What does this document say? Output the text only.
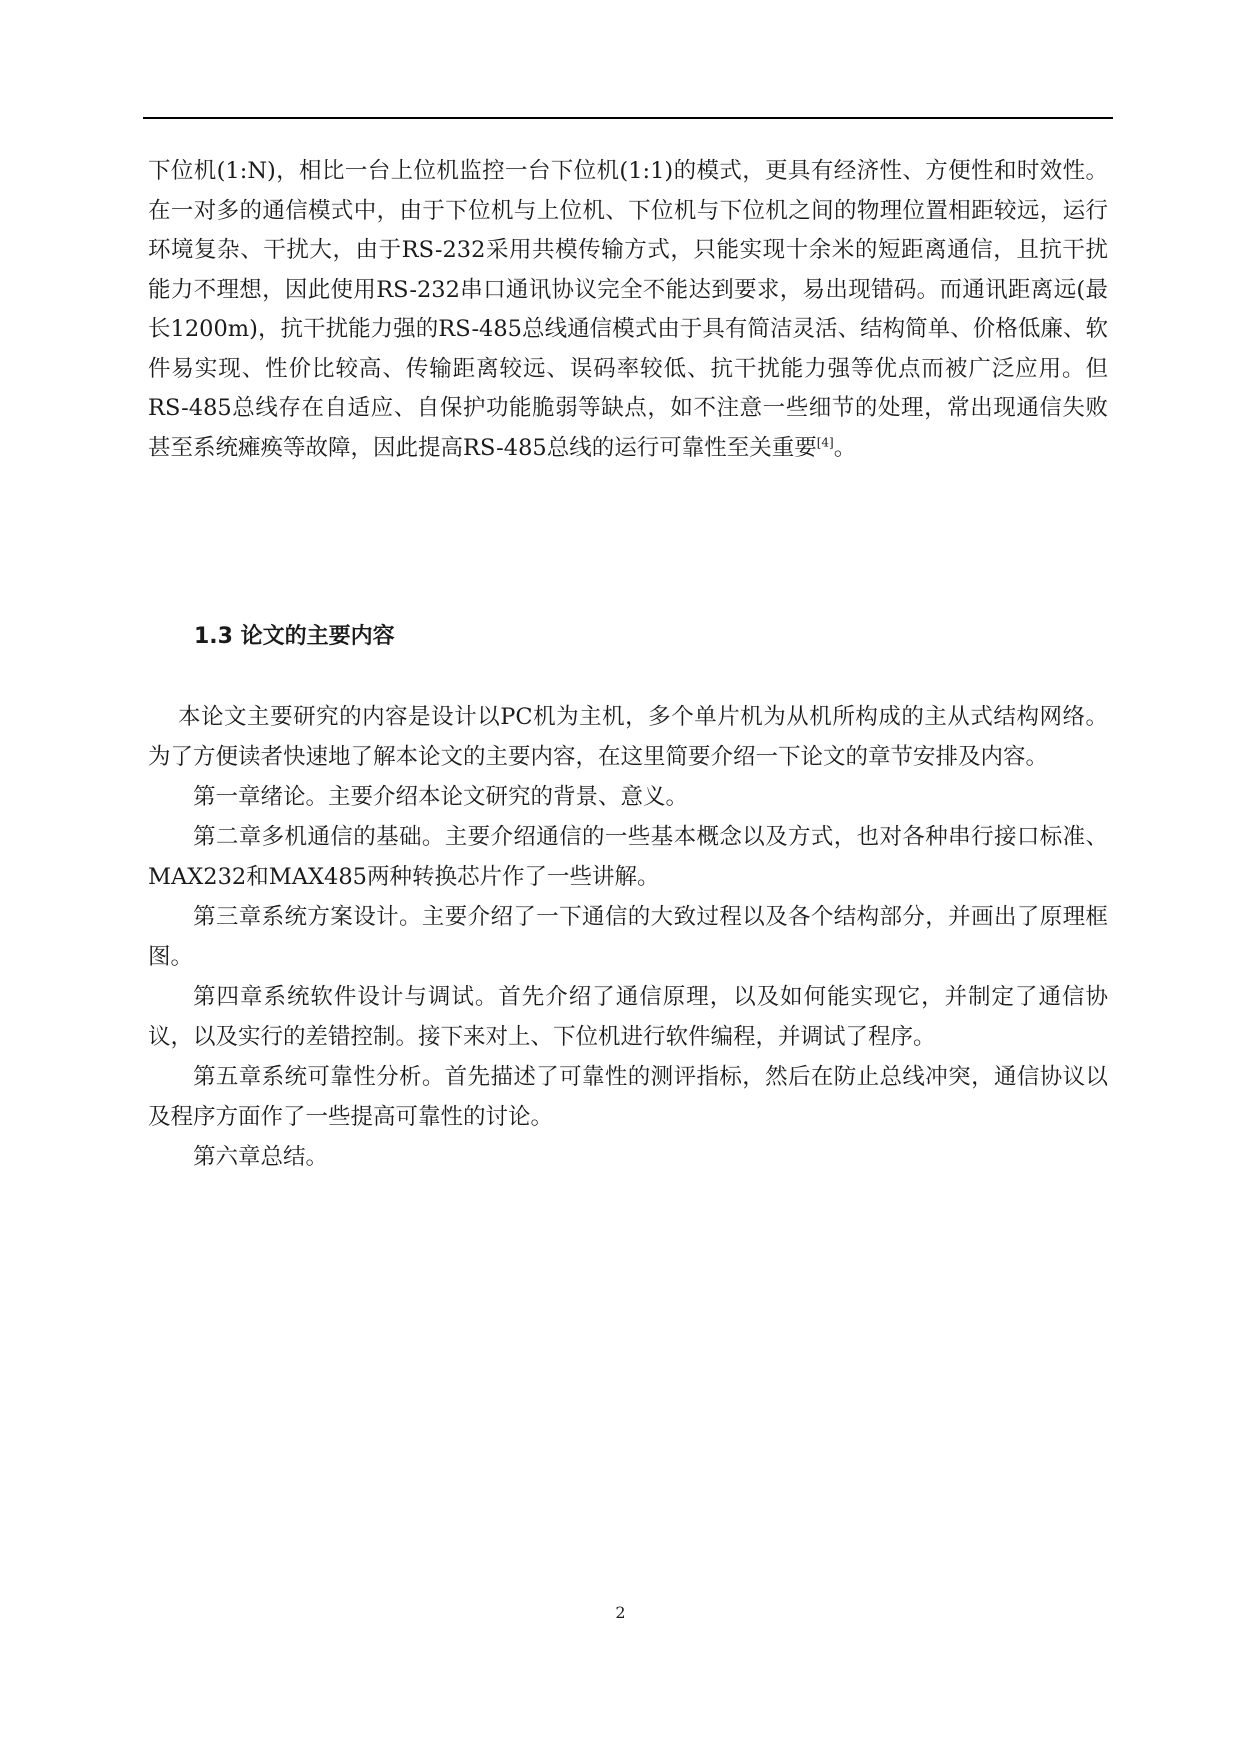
下位机(1:N)，相比一台上位机监控一台下位机(1:1)的模式，更具有经济性、方便性和时效性。在一对多的通信模式中，由于下位机与上位机、下位机与下位机之间的物理位置相距较远，运行环境复杂、干扰大，由于RS-232采用共模传输方式，只能实现十余米的短距离通信，且抗干扰能力不理想，因此使用RS-232串口通讯协议完全不能达到要求，易出现错码。而通讯距离远(最长1200m)，抗干扰能力强的RS-485总线通信模式由于具有简洁灵活、结构简单、价格低廉、软件易实现、性价比较高、传输距离较远、误码率较低、抗干扰能力强等优点而被广泛应用。但RS-485总线存在自适应、自保护功能脆弱等缺点，如不注意一些细节的处理，常出现通信失败甚至系统瘫痪等故障，因此提高RS-485总线的运行可靠性至关重要[4]。

1.3 论文的主要内容

本论文主要研究的内容是设计以PC机为主机，多个单片机为从机所构成的主从式结构网络。为了方便读者快速地了解本论文的主要内容，在这里简要介绍一下论文的章节安排及内容。

第一章绪论。主要介绍本论文研究的背景、意义。

第二章多机通信的基础。主要介绍通信的一些基本概念以及方式，也对各种串行接口标准、MAX232和MAX485两种转换芯片作了一些讲解。

第三章系统方案设计。主要介绍了一下通信的大致过程以及各个结构部分，并画出了原理框图。

第四章系统软件设计与调试。首先介绍了通信原理，以及如何能实现它，并制定了通信协议，以及实行的差错控制。接下来对上、下位机进行软件编程，并调试了程序。

第五章系统可靠性分析。首先描述了可靠性的测评指标，然后在防止总线冲突，通信协议以及程序方面作了一些提高可靠性的讨论。

第六章总结。

2
